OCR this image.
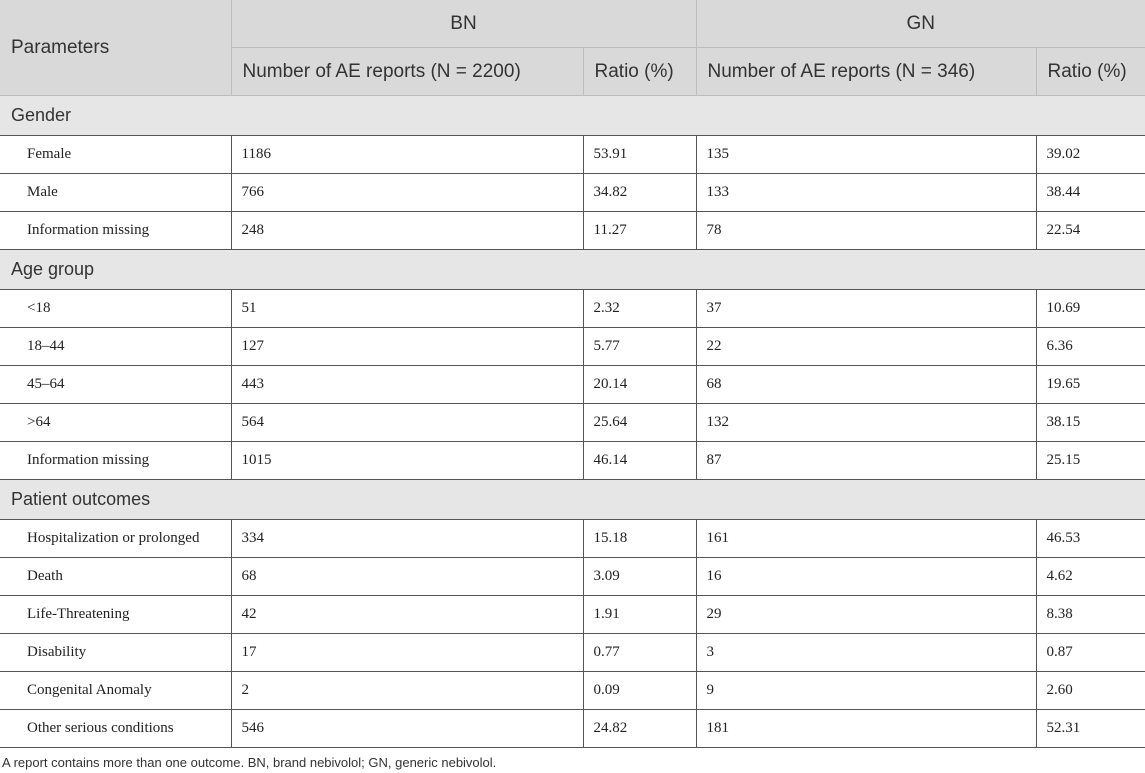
Parameters	BN		GN	
	Number of AE reports (N = 2200)	Ratio (%)	Number of AE reports (N = 346)	Ratio (%)
Gender				
Female	1186	53.91	135	39.02
Male	766	34.82	133	38.44
Information missing	248	11.27	78	22.54
Age group				
<18	51	2.32	37	10.69
18–44	127	5.77	22	6.36
45–64	443	20.14	68	19.65
>64	564	25.64	132	38.15
Information missing	1015	46.14	87	25.15
Patient outcomes				
Hospitalization or prolonged	334	15.18	161	46.53
Death	68	3.09	16	4.62
Life-Threatening	42	1.91	29	8.38
Disability	17	0.77	3	0.87
Congenital Anomaly	2	0.09	9	2.60
Other serious conditions	546	24.82	181	52.31
A report contains more than one outcome. BN, brand nebivolol; GN, generic nebivolol.
